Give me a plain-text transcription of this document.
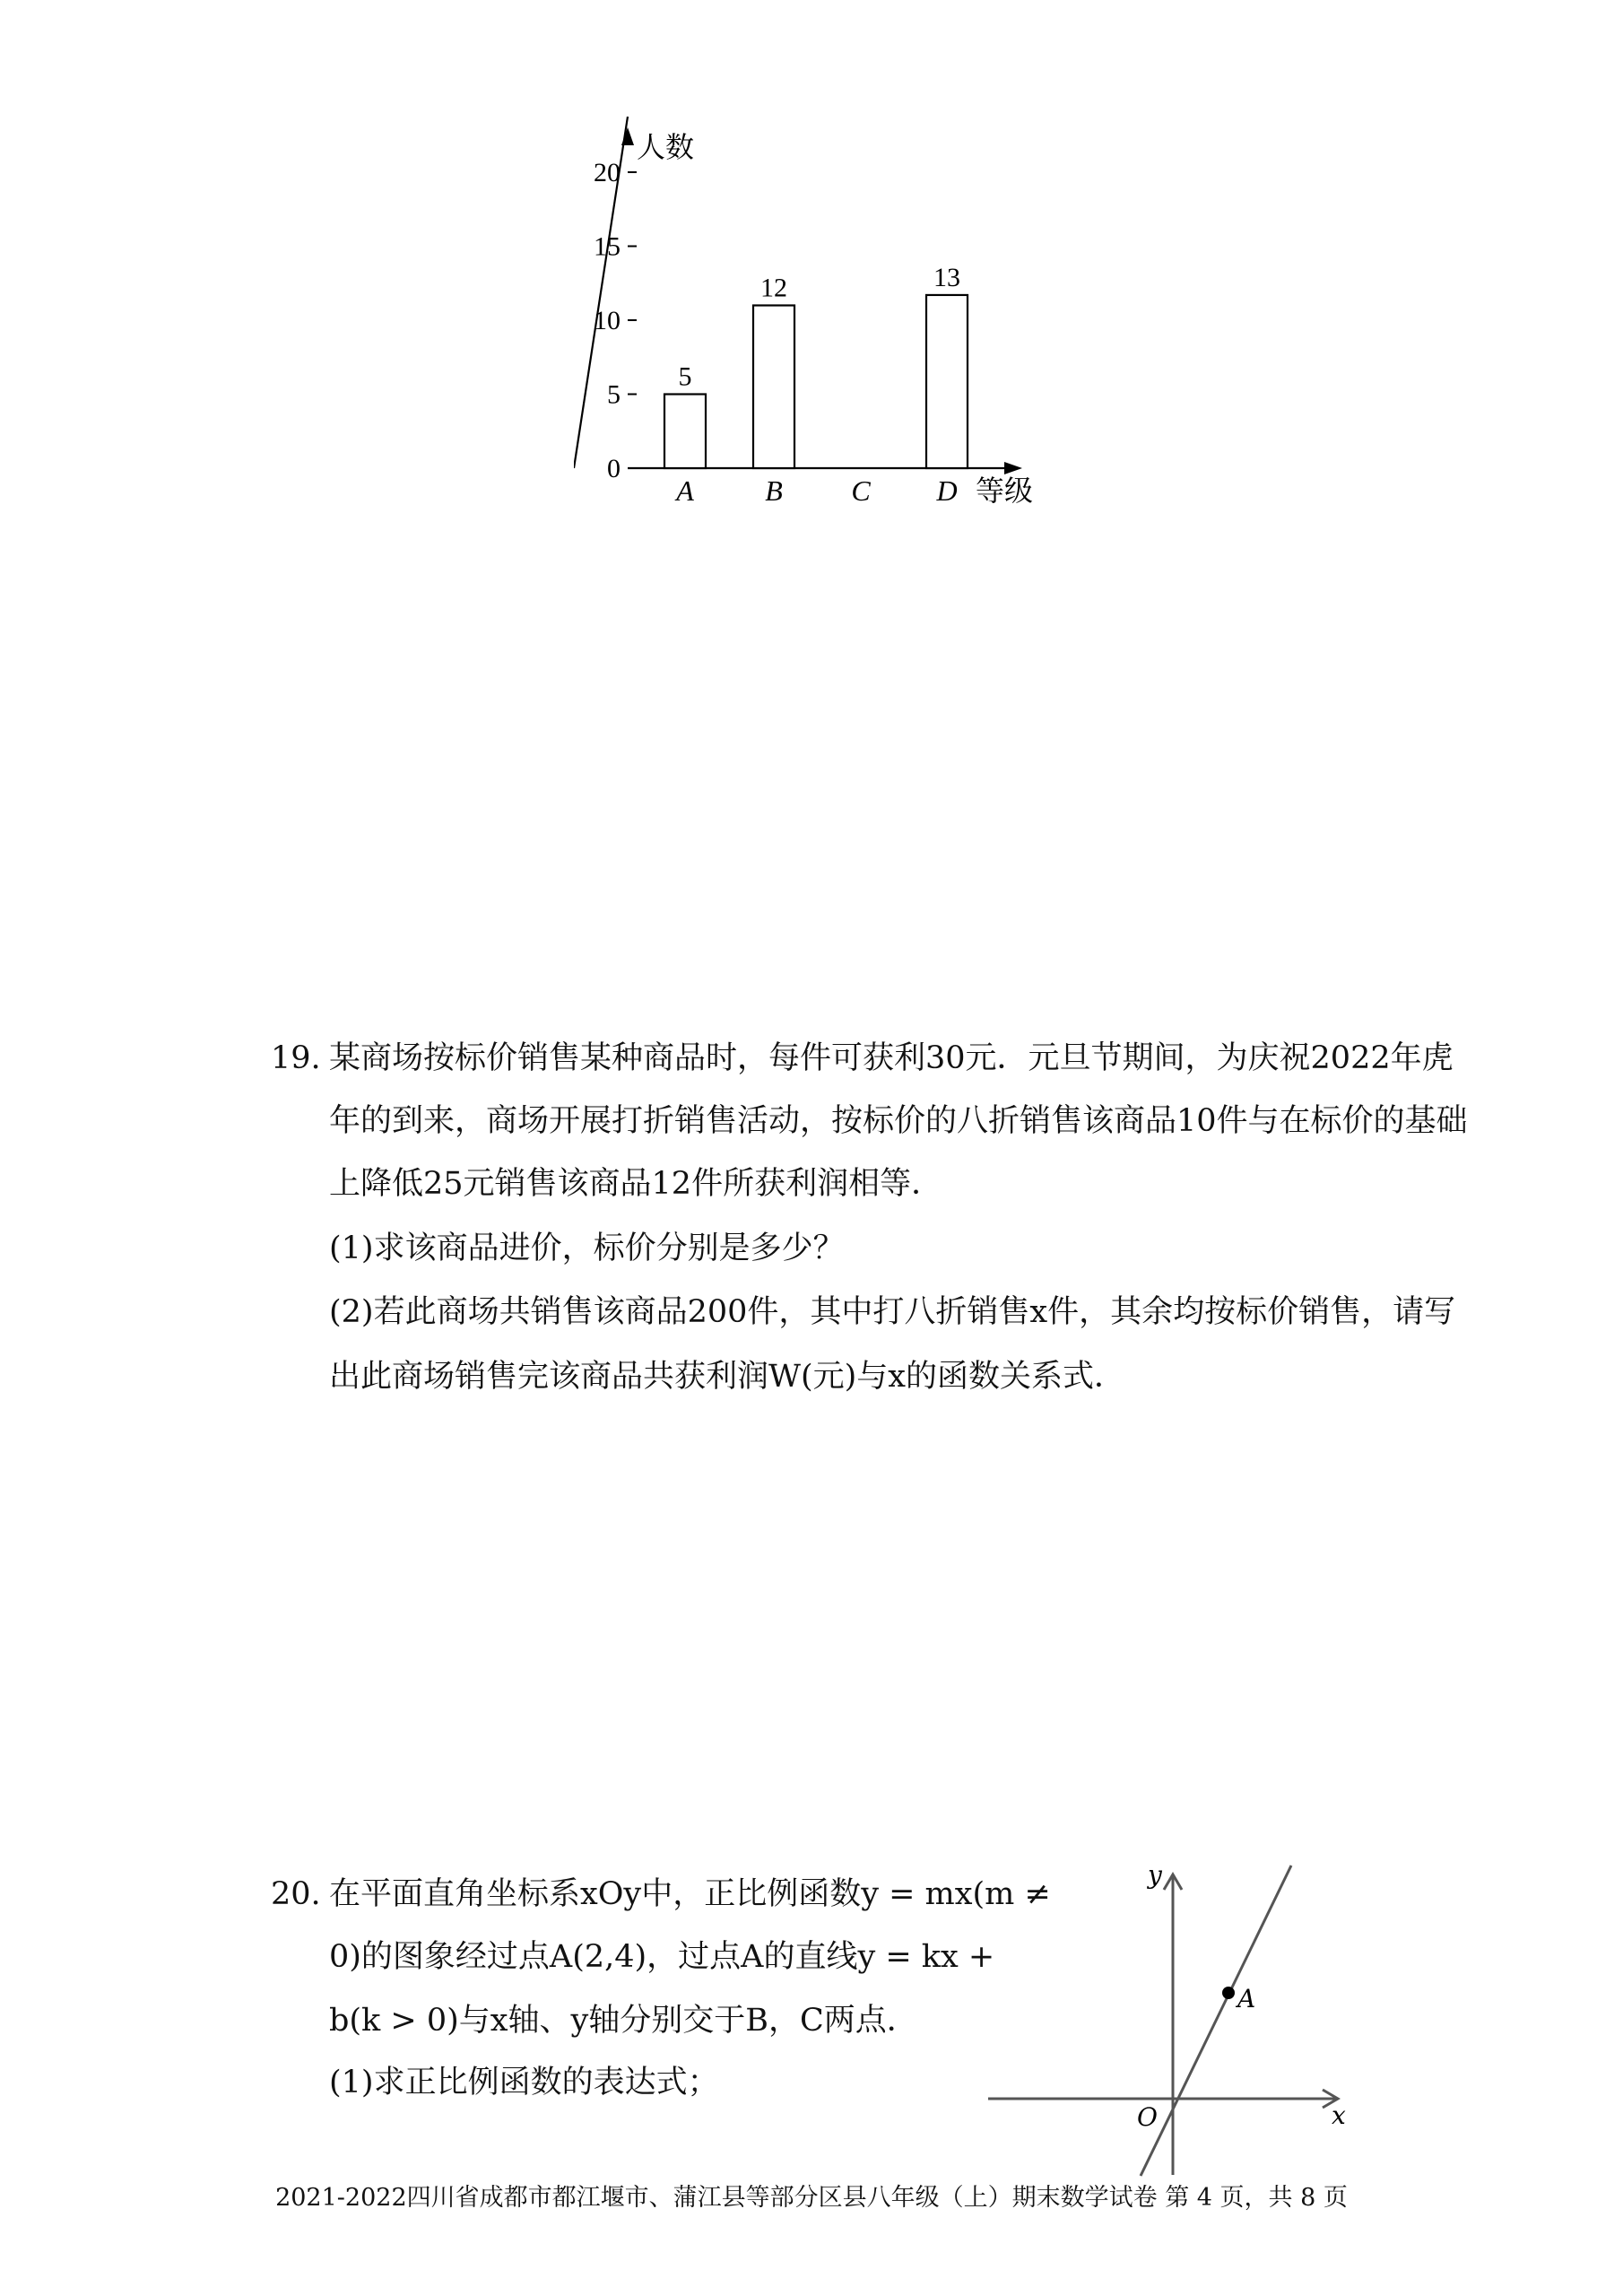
人数
等级
0
5
10
15
20
5
A
12
B C
13
D
19. 某商场按标价销售某种商品时，每件可获利30元．元旦节期间，为庆祝2022年虎
年的到来，商场开展打折销售活动，按标价的八折销售该商品10件与在标价的基础
上降低25元销售该商品12件所获利润相等．
(1)求该商品进价，标价分别是多少？
(2)若此商场共销售该商品200件，其中打八折销售x件，其余均按标价销售，请写
出此商场销售完该商品共获利润W(元)与x的函数关系式．
20. 在平面直角坐标系xOy中，正比例函数y = mx(m ≠
0)的图象经过点A(2,4)，过点A的直线y = kx +
b(k > 0)与x轴、y轴分别交于B，C两点．
(1)求正比例函数的表达式；
A
y
x
O
2021-2022四川省成都市都江堰市、蒲江县等部分区县八年级（上）期末数学试卷 第 4 页，共 8 页
